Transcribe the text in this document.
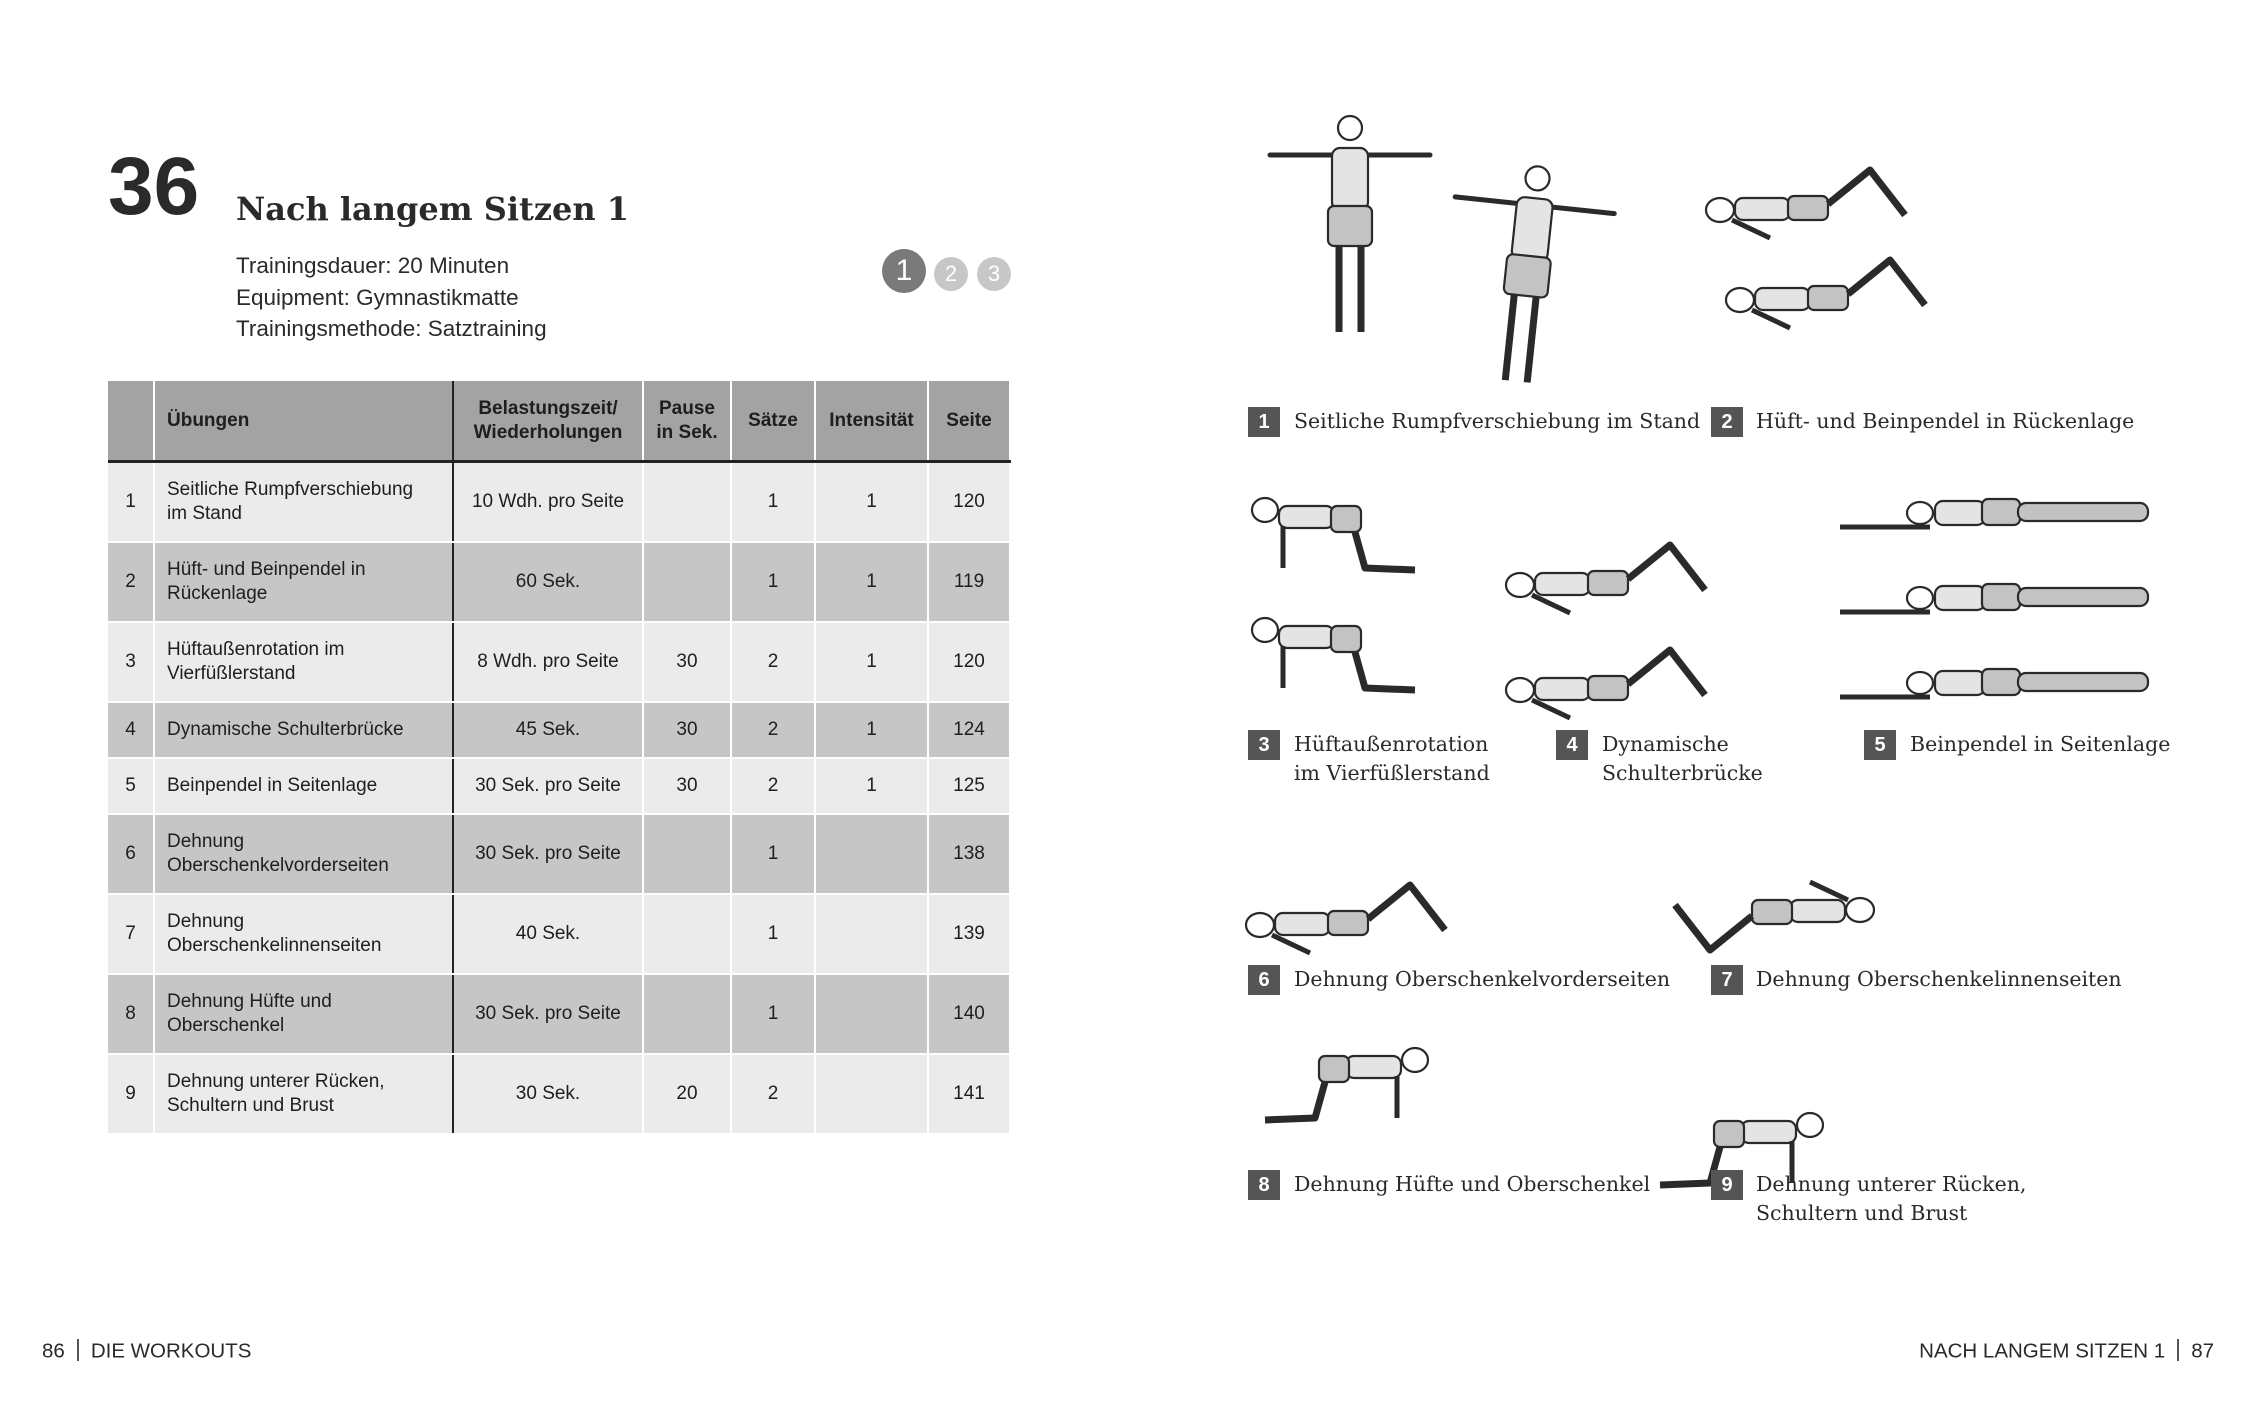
36 Nach langem Sitzen 1
Trainingsdauer: 20 Minuten
Equipment: Gymnastikmatte
Trainingsmethode: Satztraining
1	2	3
	Übungen	Belastungszeit/
Wiederholungen	Pause
in Sek.	Sätze	Intensität	Seite
1	Seitliche Rumpfverschiebung
im Stand	10 Wdh. pro Seite		1	1	120
2	Hüft- und Beinpendel in
Rückenlage	60 Sek.		1	1	119
3	Hüftaußenrotation im
Vierfüßlerstand	8 Wdh. pro Seite	30	2	1	120
4	Dynamische Schulterbrücke	45 Sek.	30	2	1	124
5	Beinpendel in Seitenlage	30 Sek. pro Seite	30	2	1	125
6	Dehnung
Oberschenkelvorderseiten	30 Sek. pro Seite		1		138
7	Dehnung
Oberschenkelinnenseiten	40 Sek.		1		139
8	Dehnung Hüfte und
Oberschenkel	30 Sek. pro Seite		1		140
9	Dehnung unterer Rücken,
Schultern und Brust	30 Sek.	20	2		141
1	Seitliche Rumpfverschiebung im Stand	2	Hüft- und Beinpendel in Rückenlage
3	Hüftaußenrotation
im Vierfüßlerstand
4	Dynamische
Schulterbrücke
5	Beinpendel in Seitenlage
6	Dehnung Oberschenkelvorderseiten	7	Dehnung Oberschenkelinnenseiten
8	Dehnung Hüfte und Oberschenkel	9	Dehnung unterer Rücken,
Schultern und Brust
86 DIE WORKOUTS	NACH LANGEM SITZEN 1 87
